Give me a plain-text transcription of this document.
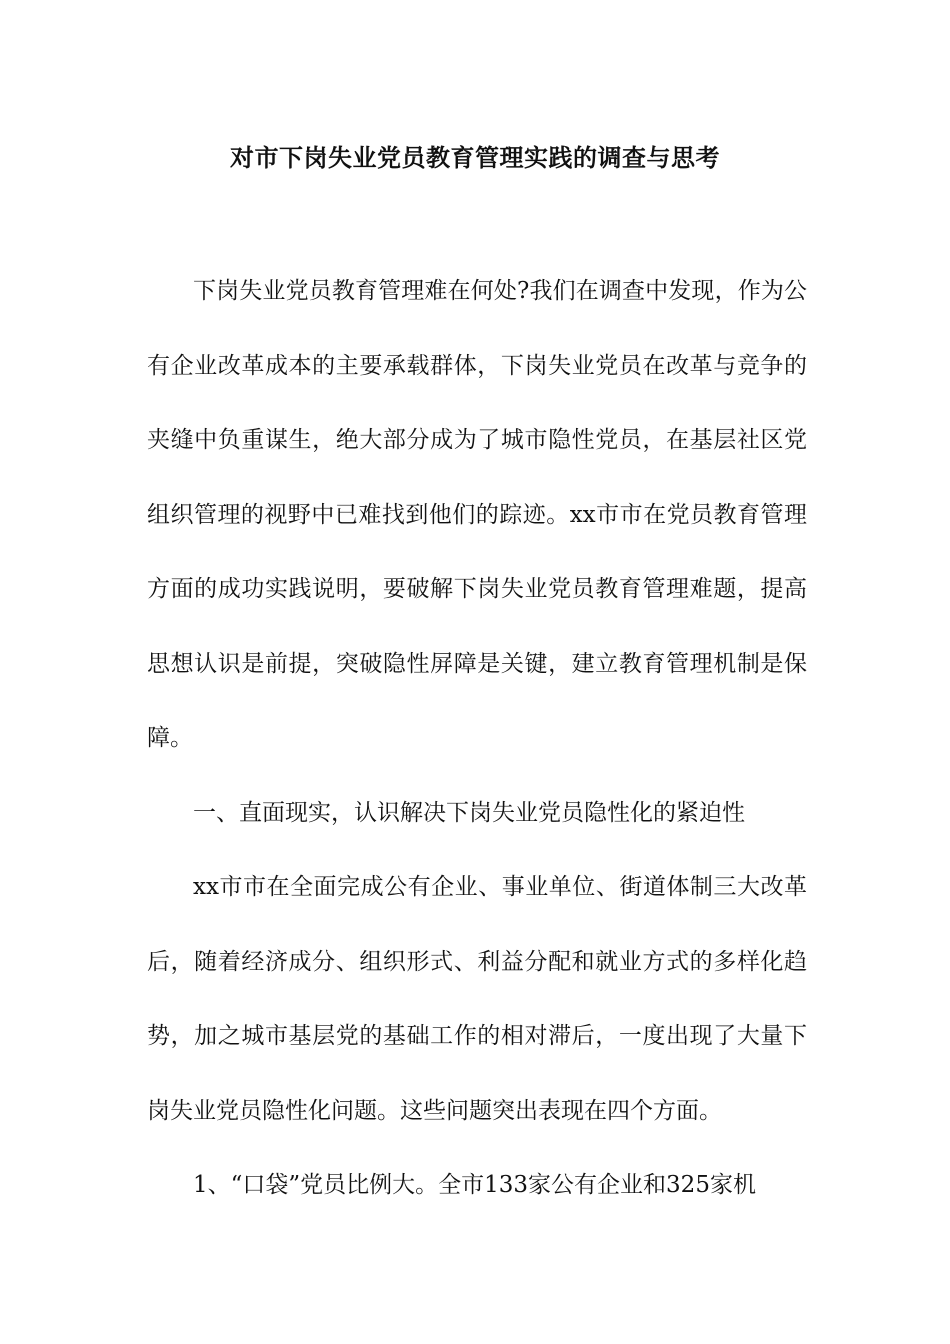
对市下岗失业党员教育管理实践的调查与思考

下岗失业党员教育管理难在何处?我们在调查中发现，作为公有企业改革成本的主要承载群体，下岗失业党员在改革与竞争的夹缝中负重谋生，绝大部分成为了城市隐性党员，在基层社区党组织管理的视野中已难找到他们的踪迹。xx市市在党员教育管理方面的成功实践说明，要破解下岗失业党员教育管理难题，提高思想认识是前提，突破隐性屏障是关键，建立教育管理机制是保障。

一、直面现实，认识解决下岗失业党员隐性化的紧迫性

xx市市在全面完成公有企业、事业单位、街道体制三大改革后，随着经济成分、组织形式、利益分配和就业方式的多样化趋势，加之城市基层党的基础工作的相对滞后，一度出现了大量下岗失业党员隐性化问题。这些问题突出表现在四个方面。

1、“口袋”党员比例大。全市133家公有企业和325家机
